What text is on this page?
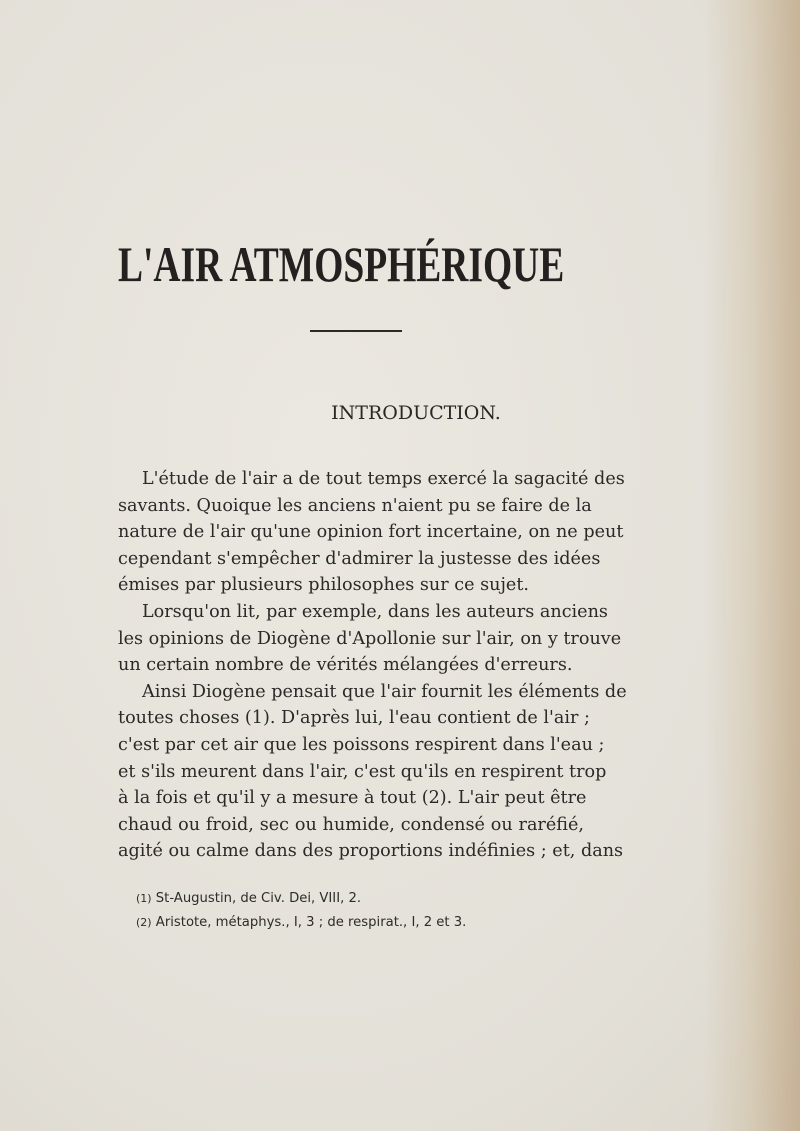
L'AIR ATMOSPHÉRIQUE
INTRODUCTION.
L'étude de l'air a de tout temps exercé la sagacité des
savants. Quoique les anciens n'aient pu se faire de la
nature de l'air qu'une opinion fort incertaine, on ne peut
cependant s'empêcher d'admirer la justesse des idées
émises par plusieurs philosophes sur ce sujet.
Lorsqu'on lit, par exemple, dans les auteurs anciens
les opinions de Diogène d'Apollonie sur l'air, on y trouve
un certain nombre de vérités mélangées d'erreurs.
Ainsi Diogène pensait que l'air fournit les éléments de
toutes choses (1). D'après lui, l'eau contient de l'air ;
c'est par cet air que les poissons respirent dans l'eau ;
et s'ils meurent dans l'air, c'est qu'ils en respirent trop
à la fois et qu'il y a mesure à tout (2). L'air peut être
chaud ou froid, sec ou humide, condensé ou raréfié,
agité ou calme dans des proportions indéfinies ; et, dans
(1) St-Augustin, de Civ. Dei, VIII, 2.
(2) Aristote, métaphys., I, 3 ; de respirat., I, 2 et 3.
